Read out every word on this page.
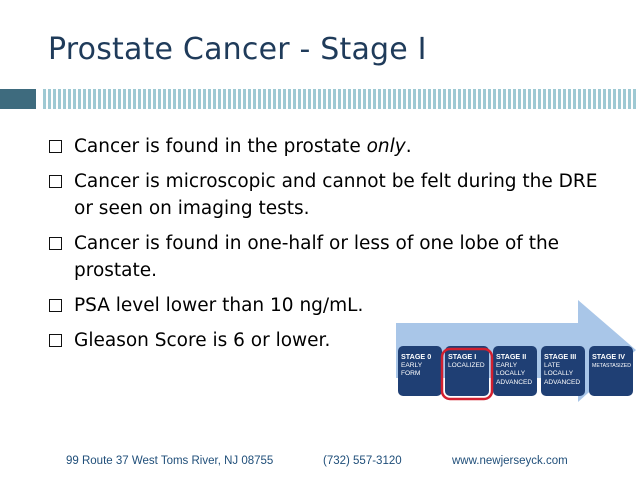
Prostate Cancer - Stage I
Cancer is found in the prostate only.
Cancer is microscopic and cannot be felt during the DRE or seen on imaging tests.
Cancer is found in one-half or less of one lobe of the prostate.
PSA level lower than 10 ng/mL.
Gleason Score is 6 or lower.
STAGE 0
EARLY
FORM
STAGE I
LOCALIZED
STAGE II
EARLY
LOCALLY
ADVANCED
STAGE III
LATE
LOCALLY
ADVANCED
STAGE IV
METASTASIZED
99 Route 37 West Toms River, NJ 08755	(732) 557-3120	www.newjerseyck.com
